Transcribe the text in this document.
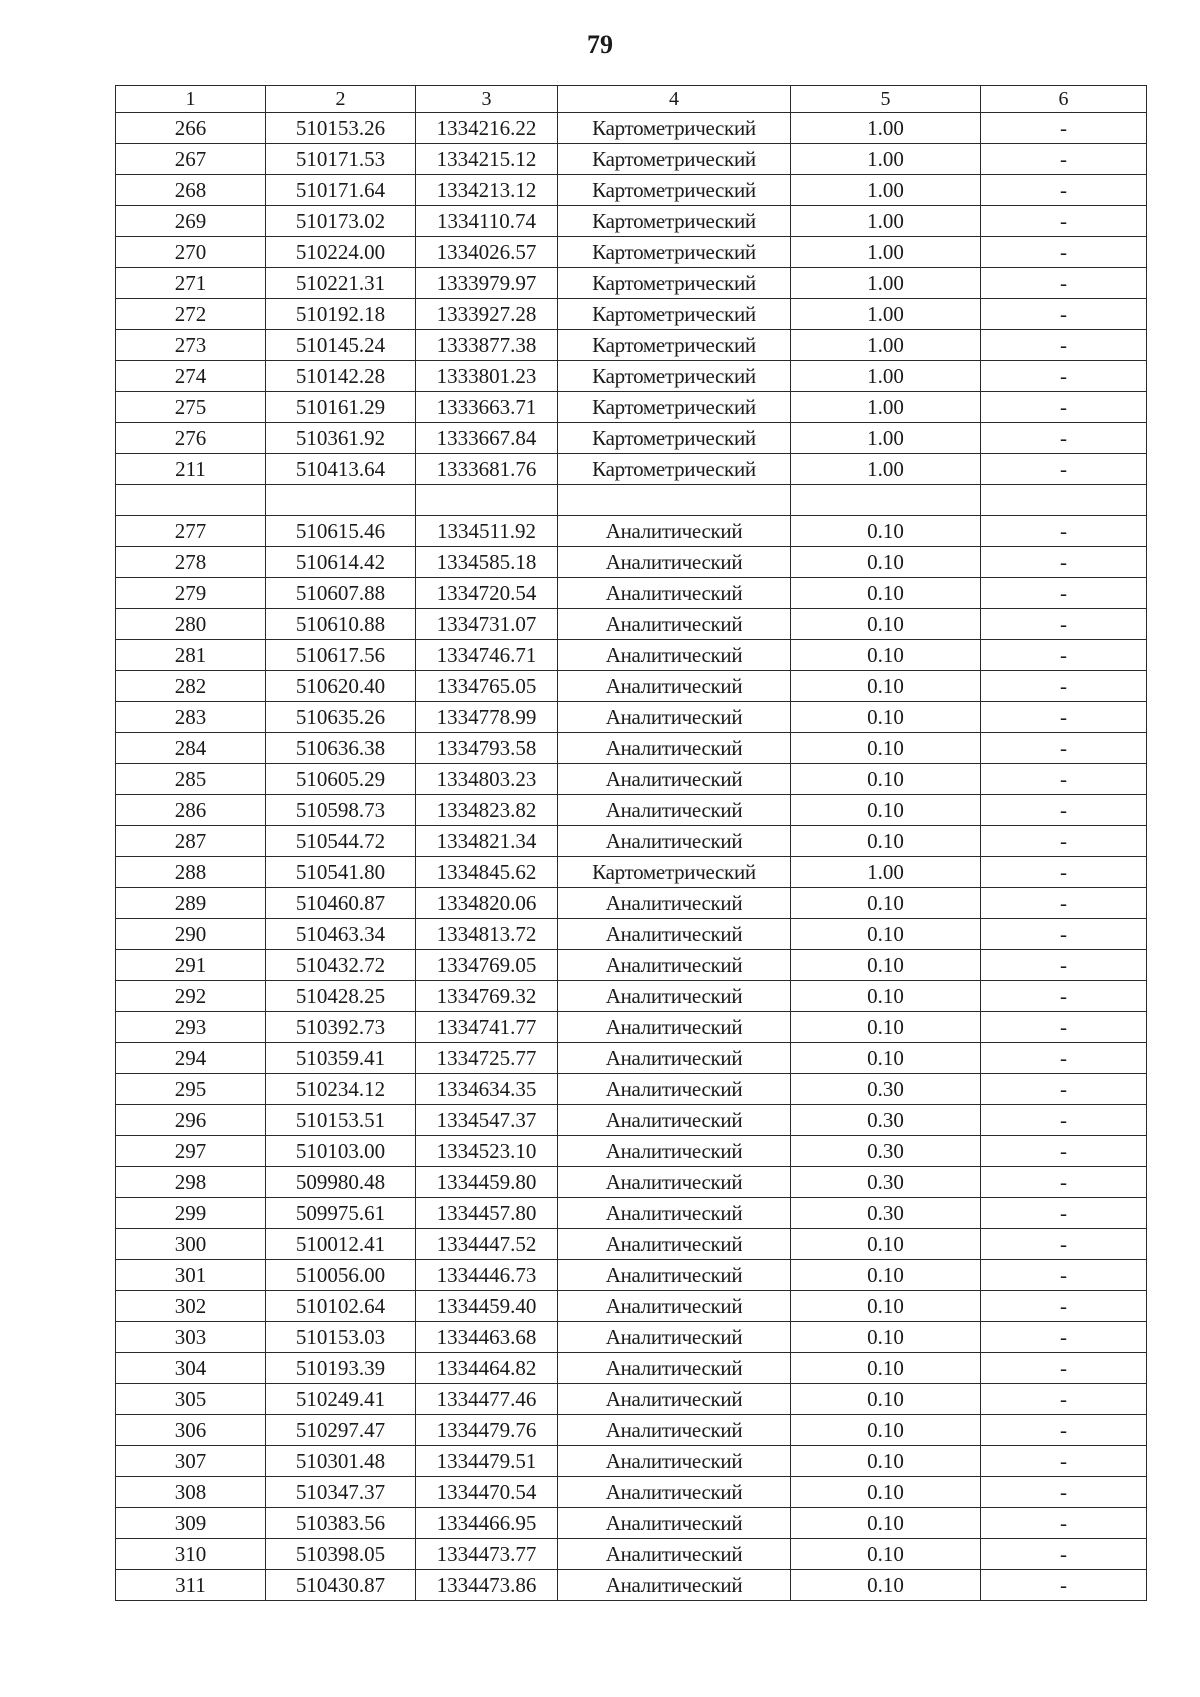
79
1	2	3	4	5	6
266	510153.26	1334216.22	Картометрический	1.00	-
267	510171.53	1334215.12	Картометрический	1.00	-
268	510171.64	1334213.12	Картометрический	1.00	-
269	510173.02	1334110.74	Картометрический	1.00	-
270	510224.00	1334026.57	Картометрический	1.00	-
271	510221.31	1333979.97	Картометрический	1.00	-
272	510192.18	1333927.28	Картометрический	1.00	-
273	510145.24	1333877.38	Картометрический	1.00	-
274	510142.28	1333801.23	Картометрический	1.00	-
275	510161.29	1333663.71	Картометрический	1.00	-
276	510361.92	1333667.84	Картометрический	1.00	-
211	510413.64	1333681.76	Картометрический	1.00	-

277	510615.46	1334511.92	Аналитический	0.10	-
278	510614.42	1334585.18	Аналитический	0.10	-
279	510607.88	1334720.54	Аналитический	0.10	-
280	510610.88	1334731.07	Аналитический	0.10	-
281	510617.56	1334746.71	Аналитический	0.10	-
282	510620.40	1334765.05	Аналитический	0.10	-
283	510635.26	1334778.99	Аналитический	0.10	-
284	510636.38	1334793.58	Аналитический	0.10	-
285	510605.29	1334803.23	Аналитический	0.10	-
286	510598.73	1334823.82	Аналитический	0.10	-
287	510544.72	1334821.34	Аналитический	0.10	-
288	510541.80	1334845.62	Картометрический	1.00	-
289	510460.87	1334820.06	Аналитический	0.10	-
290	510463.34	1334813.72	Аналитический	0.10	-
291	510432.72	1334769.05	Аналитический	0.10	-
292	510428.25	1334769.32	Аналитический	0.10	-
293	510392.73	1334741.77	Аналитический	0.10	-
294	510359.41	1334725.77	Аналитический	0.10	-
295	510234.12	1334634.35	Аналитический	0.30	-
296	510153.51	1334547.37	Аналитический	0.30	-
297	510103.00	1334523.10	Аналитический	0.30	-
298	509980.48	1334459.80	Аналитический	0.30	-
299	509975.61	1334457.80	Аналитический	0.30	-
300	510012.41	1334447.52	Аналитический	0.10	-
301	510056.00	1334446.73	Аналитический	0.10	-
302	510102.64	1334459.40	Аналитический	0.10	-
303	510153.03	1334463.68	Аналитический	0.10	-
304	510193.39	1334464.82	Аналитический	0.10	-
305	510249.41	1334477.46	Аналитический	0.10	-
306	510297.47	1334479.76	Аналитический	0.10	-
307	510301.48	1334479.51	Аналитический	0.10	-
308	510347.37	1334470.54	Аналитический	0.10	-
309	510383.56	1334466.95	Аналитический	0.10	-
310	510398.05	1334473.77	Аналитический	0.10	-
311	510430.87	1334473.86	Аналитический	0.10	-
